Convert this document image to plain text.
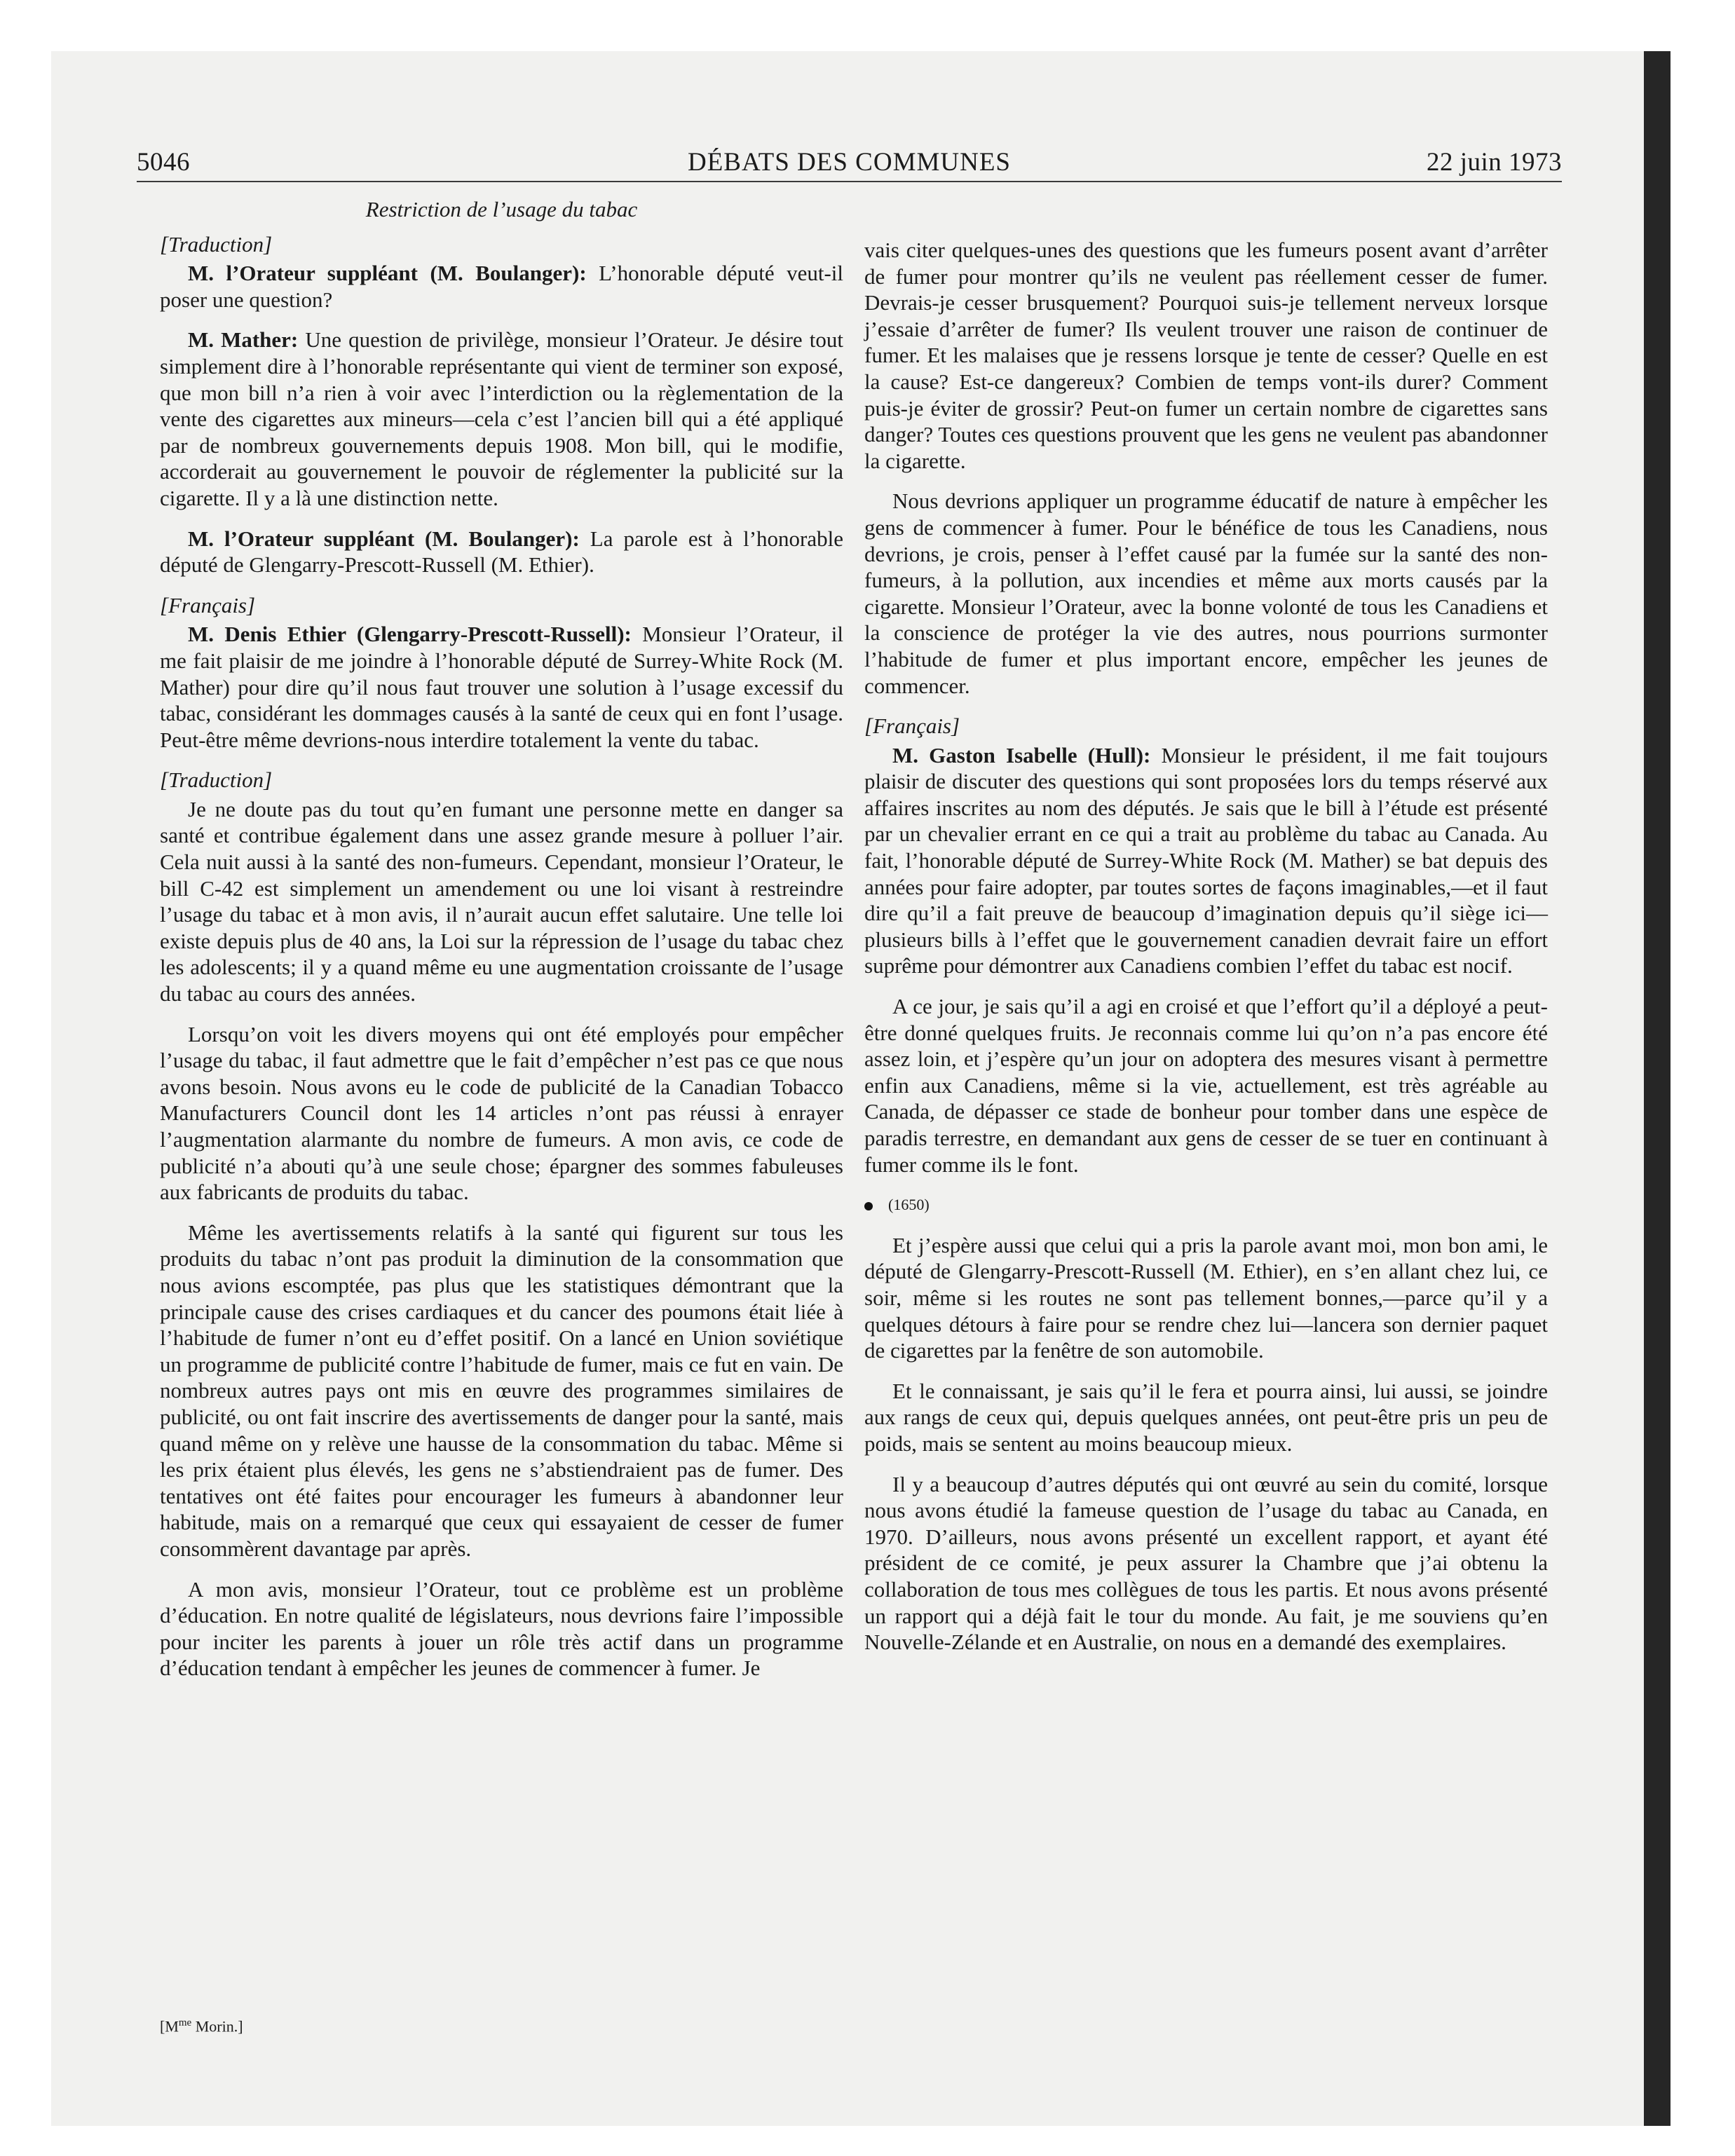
5046	DÉBATS DES COMMUNES	22 juin 1973

Restriction de l’usage du tabac

[Traduction]

M. l’Orateur suppléant (M. Boulanger): L’honorable député veut-il poser une question?

M. Mather: Une question de privilège, monsieur l’Orateur. Je désire tout simplement dire à l’honorable représentante qui vient de terminer son exposé, que mon bill n’a rien à voir avec l’interdiction ou la règlementation de la vente des cigarettes aux mineurs—cela c’est l’ancien bill qui a été appliqué par de nombreux gouvernements depuis 1908. Mon bill, qui le modifie, accorderait au gouvernement le pouvoir de réglementer la publicité sur la cigarette. Il y a là une distinction nette.

M. l’Orateur suppléant (M. Boulanger): La parole est à l’honorable député de Glengarry-Prescott-Russell (M. Ethier).

[Français]

M. Denis Ethier (Glengarry-Prescott-Russell): Monsieur l’Orateur, il me fait plaisir de me joindre à l’honorable député de Surrey-White Rock (M. Mather) pour dire qu’il nous faut trouver une solution à l’usage excessif du tabac, considérant les dommages causés à la santé de ceux qui en font l’usage. Peut-être même devrions-nous interdire totalement la vente du tabac.

[Traduction]

Je ne doute pas du tout qu’en fumant une personne mette en danger sa santé et contribue également dans une assez grande mesure à polluer l’air. Cela nuit aussi à la santé des non-fumeurs. Cependant, monsieur l’Orateur, le bill C-42 est simplement un amendement ou une loi visant à restreindre l’usage du tabac et à mon avis, il n’aurait aucun effet salutaire. Une telle loi existe depuis plus de 40 ans, la Loi sur la répression de l’usage du tabac chez les adolescents; il y a quand même eu une augmentation croissante de l’usage du tabac au cours des années.

Lorsqu’on voit les divers moyens qui ont été employés pour empêcher l’usage du tabac, il faut admettre que le fait d’empêcher n’est pas ce que nous avons besoin. Nous avons eu le code de publicité de la Canadian Tobacco Manufacturers Council dont les 14 articles n’ont pas réussi à enrayer l’augmentation alarmante du nombre de fumeurs. A mon avis, ce code de publicité n’a abouti qu’à une seule chose; épargner des sommes fabuleuses aux fabricants de produits du tabac.

Même les avertissements relatifs à la santé qui figurent sur tous les produits du tabac n’ont pas produit la diminution de la consommation que nous avions escomptée, pas plus que les statistiques démontrant que la principale cause des crises cardiaques et du cancer des poumons était liée à l’habitude de fumer n’ont eu d’effet positif. On a lancé en Union soviétique un programme de publicité contre l’habitude de fumer, mais ce fut en vain. De nombreux autres pays ont mis en œuvre des programmes similaires de publicité, ou ont fait inscrire des avertissements de danger pour la santé, mais quand même on y relève une hausse de la consommation du tabac. Même si les prix étaient plus élevés, les gens ne s’abstiendraient pas de fumer. Des tentatives ont été faites pour encourager les fumeurs à abandonner leur habitude, mais on a remarqué que ceux qui essayaient de cesser de fumer consommèrent davantage par après.

A mon avis, monsieur l’Orateur, tout ce problème est un problème d’éducation. En notre qualité de législateurs, nous devrions faire l’impossible pour inciter les parents à jouer un rôle très actif dans un programme d’éducation tendant à empêcher les jeunes de commencer à fumer. Je

[$M^{me}$ Morin.]

vais citer quelques-unes des questions que les fumeurs posent avant d’arrêter de fumer pour montrer qu’ils ne veulent pas réellement cesser de fumer. Devrais-je cesser brusquement? Pourquoi suis-je tellement nerveux lorsque j’essaie d’arrêter de fumer? Ils veulent trouver une raison de continuer de fumer. Et les malaises que je ressens lorsque je tente de cesser? Quelle en est la cause? Est-ce dangereux? Combien de temps vont-ils durer? Comment puis-je éviter de grossir? Peut-on fumer un certain nombre de cigarettes sans danger? Toutes ces questions prouvent que les gens ne veulent pas abandonner la cigarette.

Nous devrions appliquer un programme éducatif de nature à empêcher les gens de commencer à fumer. Pour le bénéfice de tous les Canadiens, nous devrions, je crois, penser à l’effet causé par la fumée sur la santé des non-fumeurs, à la pollution, aux incendies et même aux morts causés par la cigarette. Monsieur l’Orateur, avec la bonne volonté de tous les Canadiens et la conscience de protéger la vie des autres, nous pourrions surmonter l’habitude de fumer et plus important encore, empêcher les jeunes de commencer.

[Français]

M. Gaston Isabelle (Hull): Monsieur le président, il me fait toujours plaisir de discuter des questions qui sont proposées lors du temps réservé aux affaires inscrites au nom des députés. Je sais que le bill à l’étude est présenté par un chevalier errant en ce qui a trait au problème du tabac au Canada. Au fait, l’honorable député de Surrey-White Rock (M. Mather) se bat depuis des années pour faire adopter, par toutes sortes de façons imaginables,—et il faut dire qu’il a fait preuve de beaucoup d’imagination depuis qu’il siège ici—plusieurs bills à l’effet que le gouvernement canadien devrait faire un effort suprême pour démontrer aux Canadiens combien l’effet du tabac est nocif.

A ce jour, je sais qu’il a agi en croisé et que l’effort qu’il a déployé a peut-être donné quelques fruits. Je reconnais comme lui qu’on n’a pas encore été assez loin, et j’espère qu’un jour on adoptera des mesures visant à permettre enfin aux Canadiens, même si la vie, actuellement, est très agréable au Canada, de dépasser ce stade de bonheur pour tomber dans une espèce de paradis terrestre, en demandant aux gens de cesser de se tuer en continuant à fumer comme ils le font.

(1650)

Et j’espère aussi que celui qui a pris la parole avant moi, mon bon ami, le député de Glengarry-Prescott-Russell (M. Ethier), en s’en allant chez lui, ce soir, même si les routes ne sont pas tellement bonnes,—parce qu’il y a quelques détours à faire pour se rendre chez lui—lancera son dernier paquet de cigarettes par la fenêtre de son automobile.

Et le connaissant, je sais qu’il le fera et pourra ainsi, lui aussi, se joindre aux rangs de ceux qui, depuis quelques années, ont peut-être pris un peu de poids, mais se sentent au moins beaucoup mieux.

Il y a beaucoup d’autres députés qui ont œuvré au sein du comité, lorsque nous avons étudié la fameuse question de l’usage du tabac au Canada, en 1970. D’ailleurs, nous avons présenté un excellent rapport, et ayant été président de ce comité, je peux assurer la Chambre que j’ai obtenu la collaboration de tous mes collègues de tous les partis. Et nous avons présenté un rapport qui a déjà fait le tour du monde. Au fait, je me souviens qu’en Nouvelle-Zélande et en Australie, on nous en a demandé des exemplaires.
